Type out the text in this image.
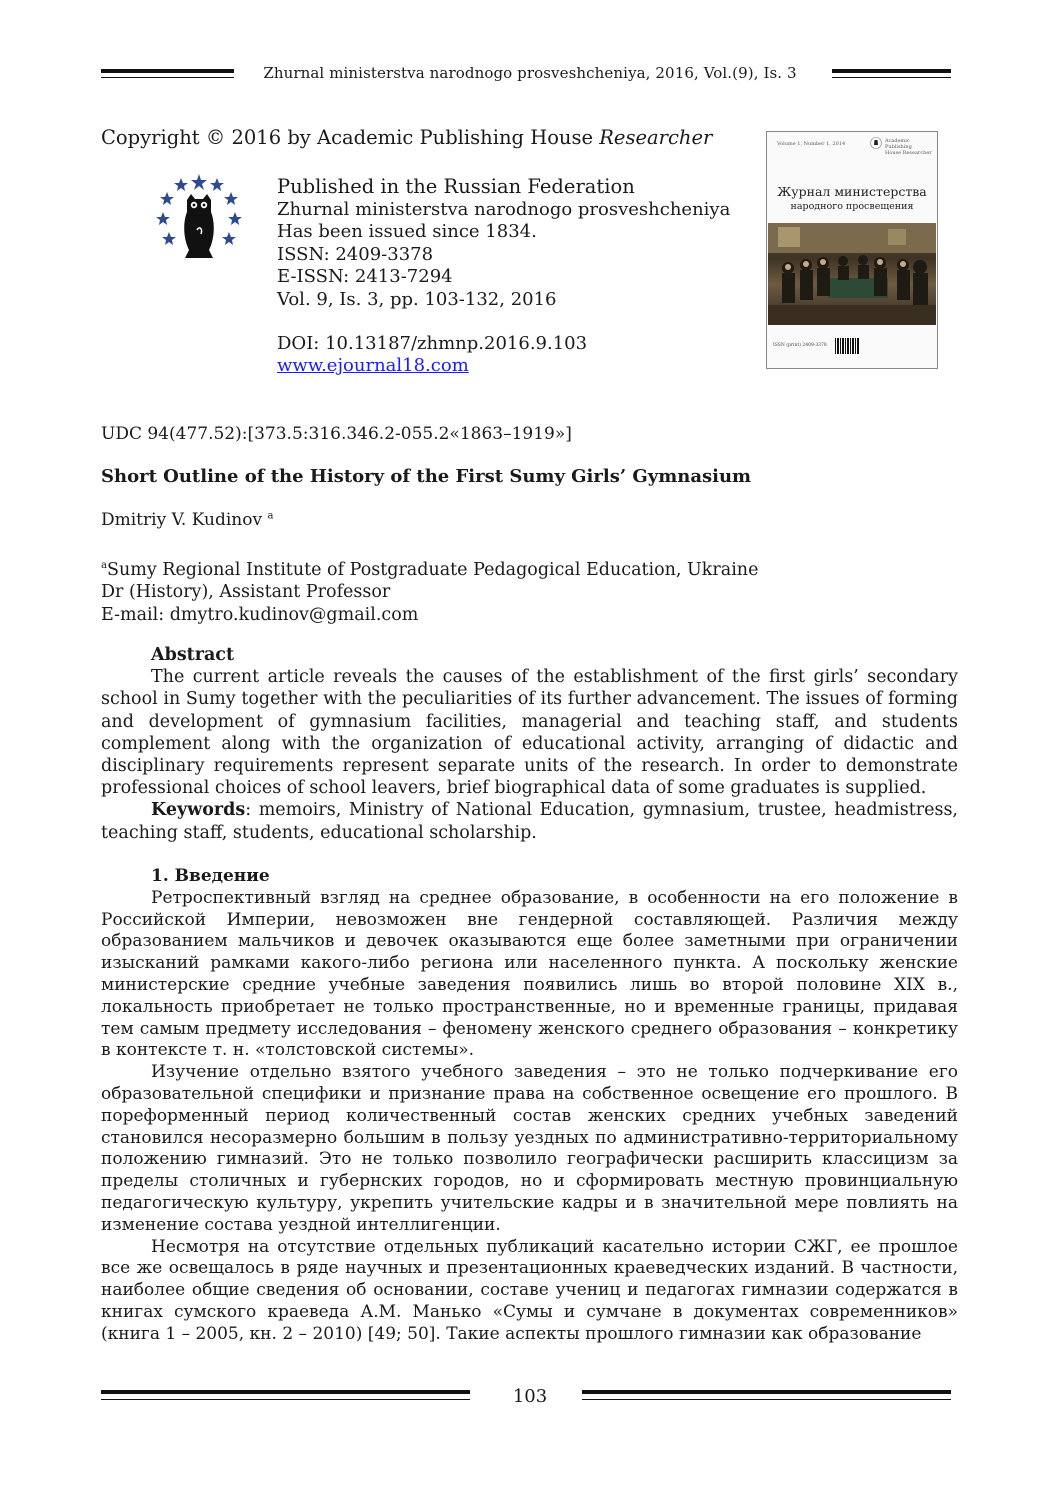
Zhurnal ministerstva narodnogo prosveshcheniya, 2016, Vol.(9), Is. 3
Copyright © 2016 by Academic Publishing House Researcher
Published in the Russian Federation
Zhurnal ministerstva narodnogo prosveshcheniya
Has been issued since 1834.
ISSN: 2409-3378
E-ISSN: 2413-7294
Vol. 9, Is. 3, pp. 103-132, 2016
DOI: 10.13187/zhmnp.2016.9.103
www.ejournal18.com
Volume 1, Number 1, 2014	Academic Publishing
House Researcher
Журнал министерства
народного просвещения
ISSN (print) 2409-3378
UDC 94(477.52):[373.5:316.346.2-055.2«1863–1919»]
Short Outline of the History of the First Sumy Girls’ Gymnasium
Dmitriy V. Kudinov $^a$
$^a$Sumy Regional Institute of Postgraduate Pedagogical Education, Ukraine
Dr (History), Assistant Professor
E-mail: dmytro.kudinov@gmail.com

Abstract

The current article reveals the causes of the establishment of the first girls’ secondary school in Sumy together with the peculiarities of its further advancement. The issues of forming and development of gymnasium facilities, managerial and teaching staff, and students complement along with the organization of educational activity, arranging of didactic and disciplinary requirements represent separate units of the research. In order to demonstrate professional choices of school leavers, brief biographical data of some graduates is supplied.

Keywords: memoirs, Ministry of National Education, gymnasium, trustee, headmistress, teaching staff, students, educational scholarship.

1. Введение

Ретроспективный взгляд на среднее образование, в особенности на его положение в Российской Империи, невозможен вне гендерной составляющей. Различия между образованием мальчиков и девочек оказываются еще более заметными при ограничении изысканий рамками какого-либо региона или населенного пункта. А поскольку женские министерские средние учебные заведения появились лишь во второй половине XIX в., локальность приобретает не только пространственные, но и временные границы, придавая тем самым предмету исследования – феномену женского среднего образования – конкретику в контексте т. н. «толстовской системы».

Изучение отдельно взятого учебного заведения – это не только подчеркивание его образовательной специфики и признание права на собственное освещение его прошлого. В пореформенный период количественный состав женских средних учебных заведений становился несоразмерно большим в пользу уездных по административно-территориальному положению гимназий. Это не только позволило географически расширить классицизм за пределы столичных и губернских городов, но и сформировать местную провинциальную педагогическую культуру, укрепить учительские кадры и в значительной мере повлиять на изменение состава уездной интеллигенции.

Несмотря на отсутствие отдельных публикаций касательно истории СЖГ, ее прошлое все же освещалось в ряде научных и презентационных краеведческих изданий. В частности, наиболее общие сведения об основании, составе учениц и педагогах гимназии содержатся в книгах сумского краеведа А.М. Манько «Сумы и сумчане в документах современников» (книга 1 – 2005, кн. 2 – 2010) [49; 50]. Такие аспекты прошлого гимназии как образование

103
